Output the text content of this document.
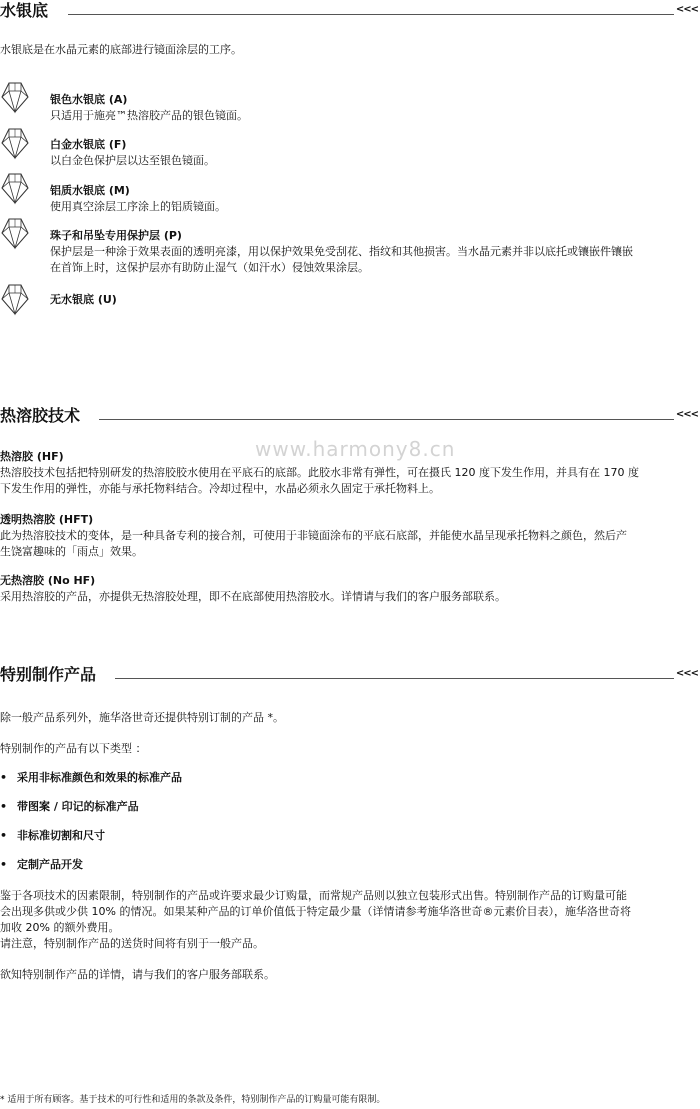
水银底	<<<

水银底是在水晶元素的底部进行镜面涂层的工序。

银色水银底 (A)
只适用于施亮™热溶胶产品的银色镜面。
白金水银底 (F)
以白金色保护层以达至银色镜面。
铝质水银底 (M)
使用真空涂层工序涂上的铝质镜面。
珠子和吊坠专用保护层 (P)
保护层是一种涂于效果表面的透明亮漆，用以保护效果免受刮花、指纹和其他损害。当水晶元素并非以底托或镶嵌件镶嵌
在首饰上时，这保护层亦有助防止湿气（如汗水）侵蚀效果涂层。
无水银底 (U)
热溶胶技术	<<<
热溶胶 (HF)
热溶胶技术包括把特别研发的热溶胶胶水使用在平底石的底部。此胶水非常有弹性，可在摄氏 120 度下发生作用，并具有在 170 度
下发生作用的弹性，亦能与承托物料结合。冷却过程中，水晶必须永久固定于承托物料上。
透明热溶胶 (HFT)
此为热溶胶技术的变体，是一种具备专利的接合剂，可使用于非镜面涂布的平底石底部，并能使水晶呈现承托物料之颜色，然后产
生饶富趣味的「雨点」效果。
无热溶胶 (No HF)
采用热溶胶的产品，亦提供无热溶胶处理，即不在底部使用热溶胶水。详情请与我们的客户服务部联系。
www.harmony8.cn
特别制作产品	<<<

除一般产品系列外，施华洛世奇还提供特别订制的产品 *。

特别制作的产品有以下类型 ：

• 采用非标准颜色和效果的标准产品
• 带图案 / 印记的标准产品
• 非标准切割和尺寸
• 定制产品开发
鉴于各项技术的因素限制，特别制作的产品或许要求最少订购量，而常规产品则以独立包装形式出售。特别制作产品的订购量可能
会出现多供或少供 10% 的情况。如果某种产品的订单价值低于特定最少量（详情请参考施华洛世奇®元素价目表），施华洛世奇将
加收 20% 的额外费用。
请注意，特别制作产品的送货时间将有别于一般产品。

欲知特别制作产品的详情，请与我们的客户服务部联系。

* 适用于所有顾客。基于技术的可行性和适用的条款及条件，特别制作产品的订购量可能有限制。
